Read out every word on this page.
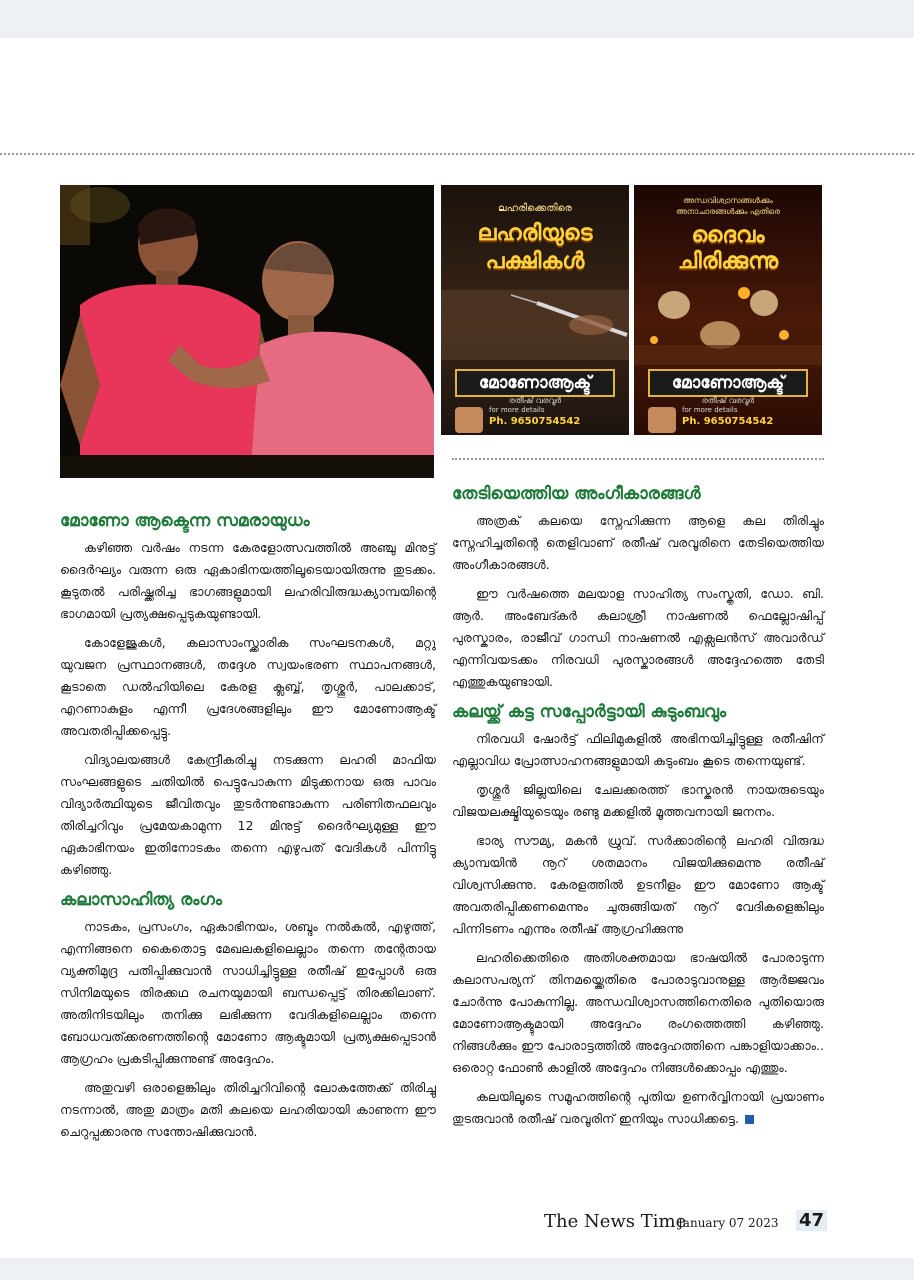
ലഹരിക്കെതിരെ
ലഹരിയുടെ
പക്ഷികൾ
മോണോആക്ട്
രതീഷ് വരവൂർ
for more details
Ph. 9650754542
അന്ധവിശ്വാസങ്ങൾക്കും അനാചാരങ്ങൾക്കും എതിരെ
ദൈവം
ചിരിക്കുന്നു
മോണോആക്ട്
രതീഷ് വരവൂർ
for more details
Ph. 9650754542
മോണോ ആക്ടെന്ന സമരായുധം

കഴിഞ്ഞ വർഷം നടന്ന കേരളോത്സവത്തിൽ അഞ്ചു മിനുട്ട് ദൈർഘ്യം വരുന്ന ഒരു ഏകാഭിനയത്തിലൂടെയായിരുന്നു തുടക്കം. കൂടുതൽ പരിഷ്ക്കരിച്ച ഭാഗങ്ങളുമായി ലഹരിവിരുദ്ധക്യാമ്പയിന്റെ ഭാഗമായി പ്രത്യക്ഷപ്പെടുകയുണ്ടായി.

കോളേജുകൾ, കലാസാംസ്ക്കാരിക സംഘടനകൾ, മറ്റു യുവജന പ്രസ്ഥാനങ്ങൾ, തദ്ദേശ സ്വയംഭരണ സ്ഥാപനങ്ങൾ, കൂടാതെ ഡൽഹിയിലെ കേരള ക്ലബ്ബ്, തൃശ്ശൂർ, പാലക്കാട്, എറണാകുളം എന്നീ പ്രദേശങ്ങളിലും ഈ മോണോആക്ട് അവതരിപ്പിക്കപ്പെട്ടു.

വിദ്യാലയങ്ങൾ കേന്ദ്രീകരിച്ചു നടക്കുന്ന ലഹരി മാഫിയ സംഘങ്ങളുടെ ചതിയിൽ പെട്ടുപോകുന്ന മിടുക്കനായ ഒരു പാവം വിദ്യാർത്ഥിയുടെ ജീവിതവും തുടർന്നുണ്ടാകുന്ന പരിണിതഫലവും തിരിച്ചറിവും പ്രമേയകാമുന്ന 12 മിനുട്ട് ദൈർഘ്യമുള്ള ഈ ഏകാഭിനയം ഇതിനോടകം തന്നെ എഴുപത് വേദികൾ പിന്നിട്ടു കഴിഞ്ഞു.

കലാസാഹിത്യ രംഗം

നാടകം, പ്രസംഗം, ഏകാഭിനയം, ശബ്ദം നൽകൽ, എഴുത്ത്, എന്നിങ്ങനെ കൈതൊട്ട മേഖലകളിലെല്ലാം തന്നെ തന്റേതായ വ്യക്തിമുദ്ര പതിപ്പിക്കുവാൻ സാധിച്ചിട്ടുള്ള രതീഷ് ഇപ്പോൾ ഒരു സിനിമയുടെ തിരക്കഥ രചനയുമായി ബന്ധപ്പെട്ട് തിരക്കിലാണ്. അതിനിടയിലും തനിക്കു ലഭിക്കുന്ന വേദികളിലെല്ലാം തന്നെ ബോധവത്ക്കരണത്തിന്റെ മോണോ ആക്ടുമായി പ്രത്യക്ഷപ്പെടാൻ ആഗ്രഹം പ്രകടിപ്പിക്കുന്നുണ്ട് അദ്ദേഹം.

അതുവഴി ഒരാളെങ്കിലും തിരിച്ചറിവിന്റെ ലോകത്തേക്ക് തിരിച്ചു നടന്നാൽ, അതു മാത്രം മതി കലയെ ലഹരിയായി കാണുന്ന ഈ ചെറുപ്പക്കാരനു സന്തോഷിക്കുവാൻ.

തേടിയെത്തിയ അംഗീകാരങ്ങൾ

അത്രക് കലയെ സ്നേഹിക്കുന്ന ആളെ കല തിരിച്ചും സ്നേഹിച്ചതിന്റെ തെളിവാണ് രതീഷ് വരവൂരിനെ തേടിയെത്തിയ അംഗീകാരങ്ങൾ.

ഈ വർഷത്തെ മലയാള സാഹിത്യ സംസ്കൃതി, ഡോ. ബി. ആർ. അംബേദ്കർ കലാശ്രീ നാഷണൽ ഫെല്ലോഷിപ്പ് പുരസ്കാരം, രാജീവ് ഗാന്ധി നാഷണൽ എക്സലൻസ് അവാർഡ് എന്നിവയടക്കം നിരവധി പുരസ്കാരങ്ങൾ അദ്ദേഹത്തെ തേടി എത്തുകയുണ്ടായി.

കലയ്ക്ക് കട്ട സപ്പോർട്ടായി കുടുംബവും

നിരവധി ഷോർട്ട് ഫിലിമുകളിൽ അഭിനയിച്ചിട്ടുള്ള രതീഷിന് എല്ലാവിധ പ്രോത്സാഹനങ്ങളുമായി കുടുംബം കൂടെ തന്നെയുണ്ട്.

തൃശ്ശൂർ ജില്ലയിലെ ചേലക്കരത്ത് ഭാസ്കരൻ നായരുടെയും വിജയലക്ഷ്മിയുടെയും രണ്ടു മക്കളിൽ മൂത്തവനായി ജനനം.

ഭാര്യ സൗമ്യ, മകൻ ധ്രുവ്. സർക്കാരിന്റെ ലഹരി വിരുദ്ധ ക്യാമ്പയിൻ നൂറ് ശതമാനം വിജയിക്കുമെന്നു രതീഷ് വിശ്വസിക്കുന്നു. കേരളത്തിൽ ഉടനീളം ഈ മോണോ ആക്ട് അവതരിപ്പിക്കണമെന്നും ചുരുങ്ങിയത് നൂറ് വേദികളെങ്കിലും പിന്നിടണം എന്നും രതീഷ് ആഗ്രഹിക്കുന്നു

ലഹരിക്കെതിരെ അതിശക്തമായ ഭാഷയിൽ പോരാടുന്ന കലാസപര്യന് തിനമയ്ക്കെതിരെ പോരാടുവാനുള്ള ആർജ്ജവം ചോർന്നു പോകുന്നില്ല. അന്ധവിശ്വാസത്തിനെതിരെ പുതിയൊരു മോണോആക്ടുമായി അദ്ദേഹം രംഗത്തെത്തി കഴിഞ്ഞു. നിങ്ങൾക്കും ഈ പോരാട്ടത്തിൽ അദ്ദേഹത്തിനെ പങ്കാളിയാക്കാം.. ഒരൊറ്റ ഫോൺ കാളിൽ അദ്ദേഹം നിങ്ങൾക്കൊപ്പം എത്തും.

കലയിലൂടെ സമൂഹത്തിന്റെ പുതിയ ഉണർവ്വിനായി പ്രയാണം തുടരുവാൻ രതീഷ് വരവൂരിന് ഇനിയും സാധിക്കട്ടെ.

The News Time
January 07 2023 47
